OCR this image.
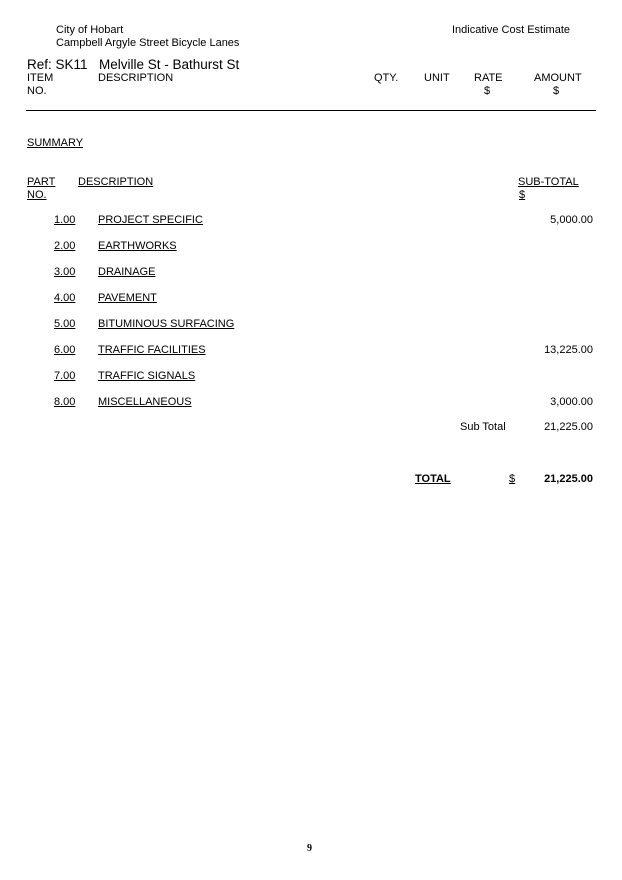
City of Hobart
Campbell Argyle Street Bicycle Lanes
Indicative Cost Estimate
Ref: SK11 Melville St - Bathurst St
ITEM
NO.
DESCRIPTION	QTY. UNIT RATE
$
AMOUNT
$
SUMMARY
PART
NO.
DESCRIPTION	SUB-TOTAL
$
1.00 PROJECT SPECIFIC	5,000.00
2.00 EARTHWORKS
3.00 DRAINAGE
4.00 PAVEMENT
5.00 BITUMINOUS SURFACING
6.00 TRAFFIC FACILITIES	13,225.00
7.00 TRAFFIC SIGNALS
8.00 MISCELLANEOUS	3,000.00
Sub Total	21,225.00
TOTAL	$	21,225.00
9
